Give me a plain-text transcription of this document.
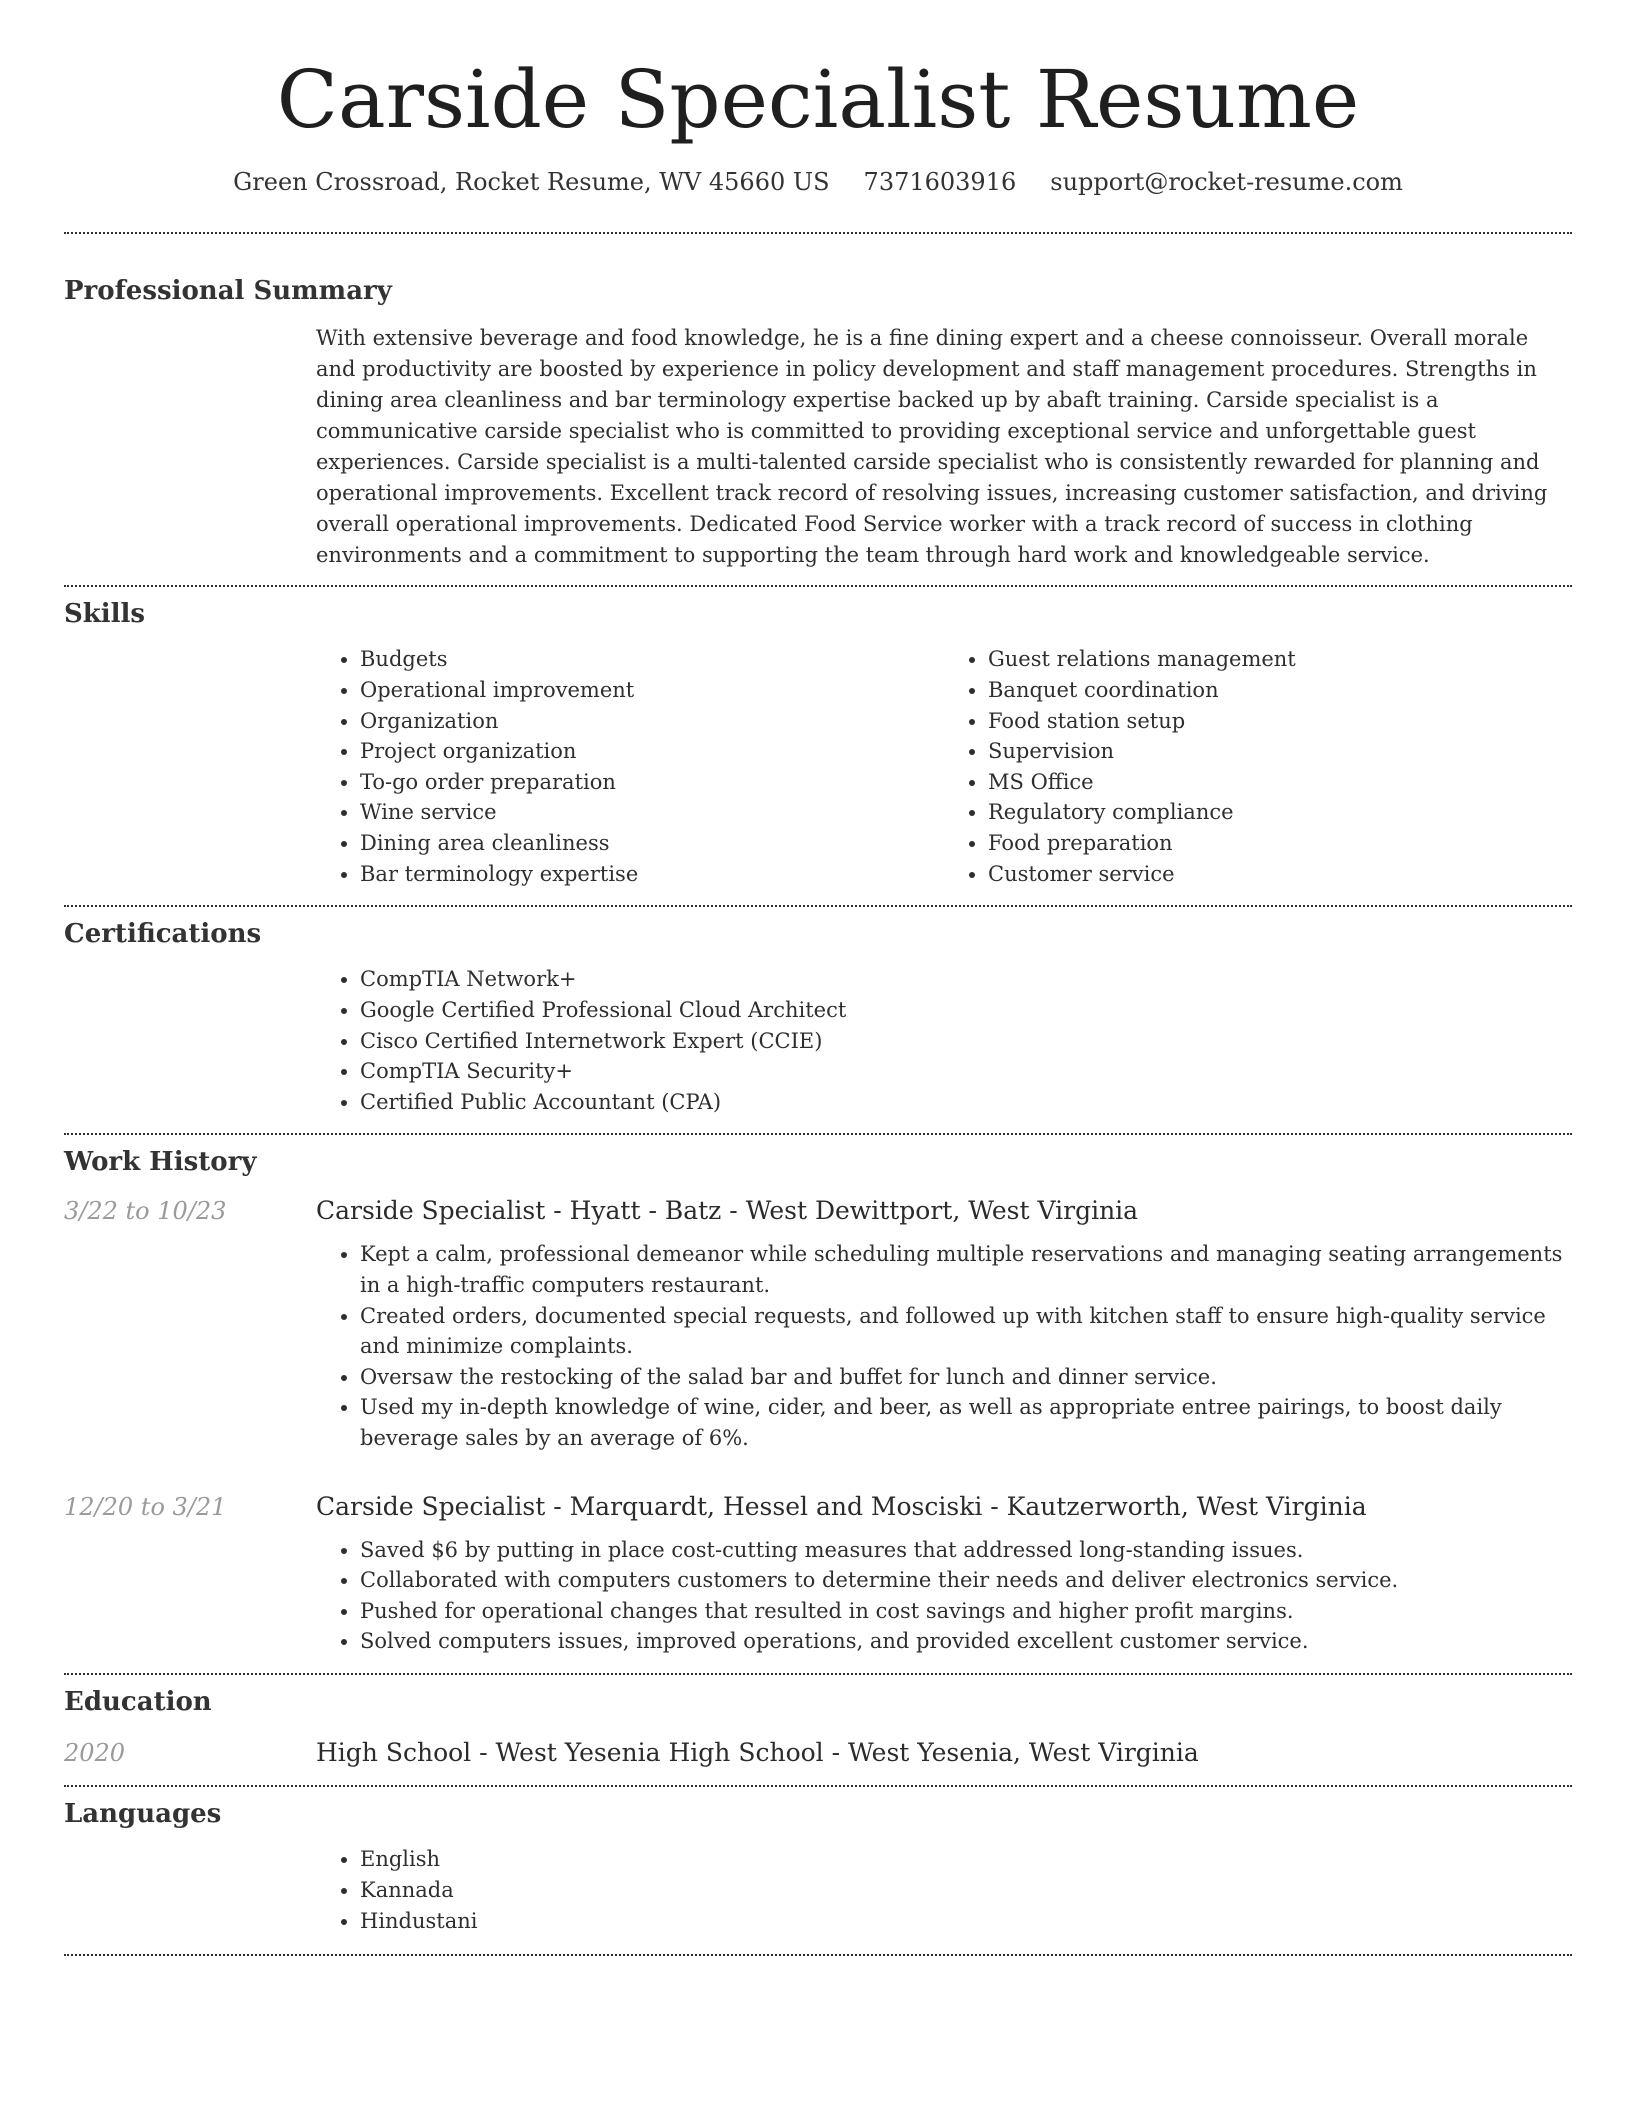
Carside Specialist Resume
Green Crossroad, Rocket Resume, WV 45660 US 7371603916 support@rocket-resume.com
Professional Summary

With extensive beverage and food knowledge, he is a fine dining expert and a cheese connoisseur. Overall morale and productivity are boosted by experience in policy development and staff management procedures. Strengths in dining area cleanliness and bar terminology expertise backed up by abaft training. Carside specialist is a communicative carside specialist who is committed to providing exceptional service and unforgettable guest experiences. Carside specialist is a multi-talented carside specialist who is consistently rewarded for planning and operational improvements. Excellent track record of resolving issues, increasing customer satisfaction, and driving overall operational improvements. Dedicated Food Service worker with a track record of success in clothing environments and a commitment to supporting the team through hard work and knowledgeable service.

Skills
• Budgets
• Operational improvement
• Organization
• Project organization
• To-go order preparation
• Wine service
• Dining area cleanliness
• Bar terminology expertise
• Guest relations management
• Banquet coordination
• Food station setup
• Supervision
• MS Office
• Regulatory compliance
• Food preparation
• Customer service
Certifications
• CompTIA Network+
• Google Certified Professional Cloud Architect
• Cisco Certified Internetwork Expert (CCIE)
• CompTIA Security+
• Certified Public Accountant (CPA)
Work History
3/22 to 10/23	Carside Specialist - Hyatt - Batz - West Dewittport, West Virginia
• Kept a calm, professional demeanor while scheduling multiple reservations and managing seating arrangements in a high-traffic computers restaurant.
• Created orders, documented special requests, and followed up with kitchen staff to ensure high-quality service and minimize complaints.
• Oversaw the restocking of the salad bar and buffet for lunch and dinner service.
• Used my in-depth knowledge of wine, cider, and beer, as well as appropriate entree pairings, to boost daily beverage sales by an average of 6%.
12/20 to 3/21	Carside Specialist - Marquardt, Hessel and Mosciski - Kautzerworth, West Virginia
• Saved $6 by putting in place cost-cutting measures that addressed long-standing issues.
• Collaborated with computers customers to determine their needs and deliver electronics service.
• Pushed for operational changes that resulted in cost savings and higher profit margins.
• Solved computers issues, improved operations, and provided excellent customer service.
Education
2020	High School - West Yesenia High School - West Yesenia, West Virginia
Languages
• English
• Kannada
• Hindustani
